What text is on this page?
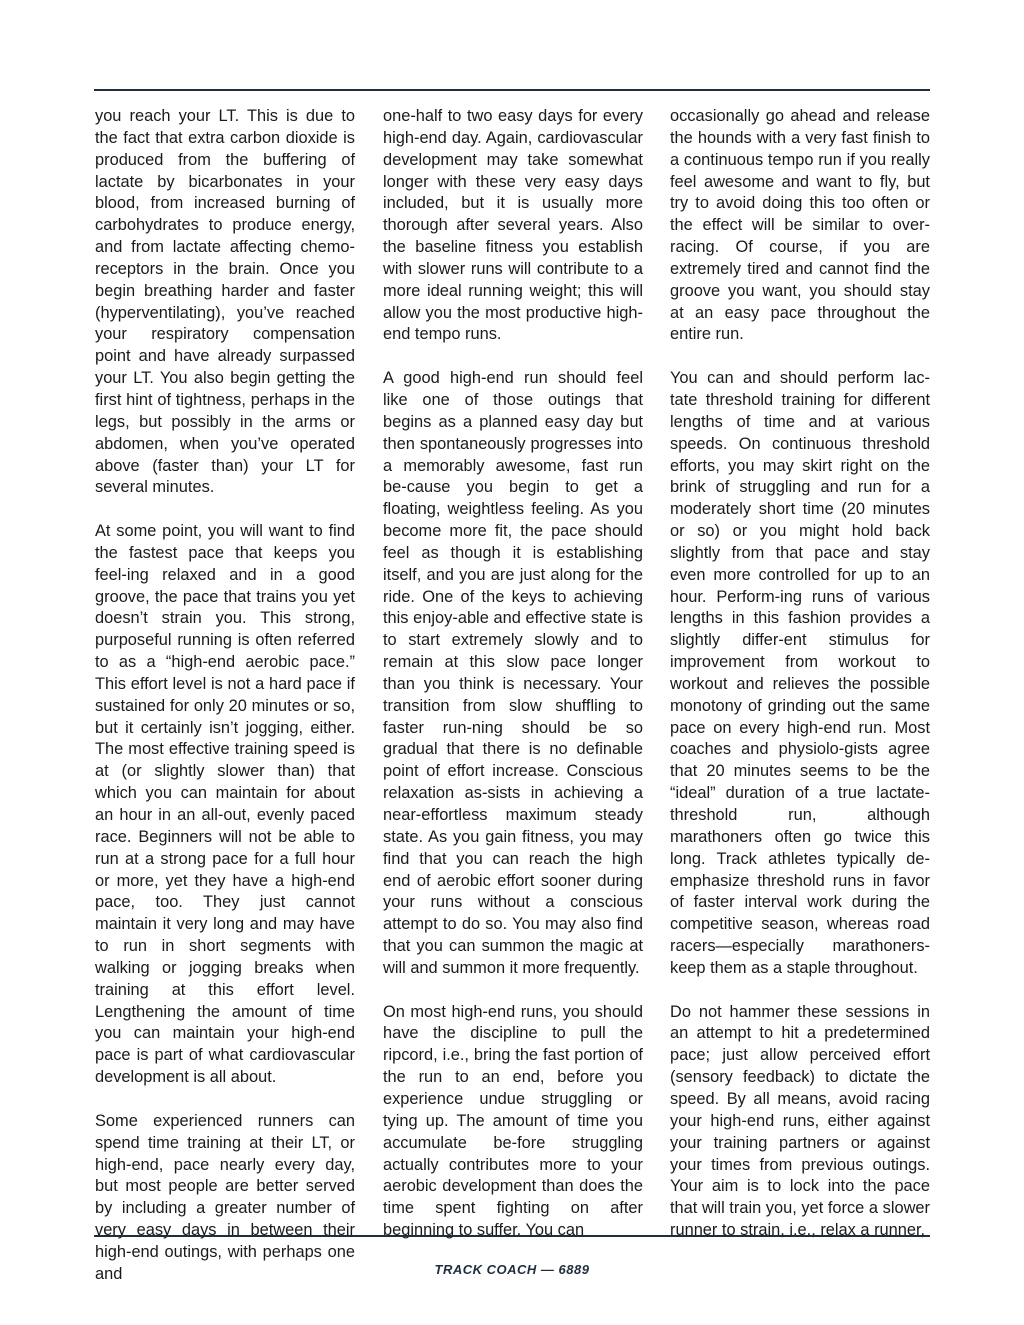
you reach your LT. This is due to the fact that extra carbon dioxide is produced from the buffering of lactate by bicarbonates in your blood, from increased burning of carbohydrates to produce energy, and from lactate affecting chemo-receptors in the brain. Once you begin breathing harder and faster (hyperventilating), you’ve reached your respiratory compensation point and have already surpassed your LT. You also begin getting the first hint of tightness, perhaps in the legs, but possibly in the arms or abdomen, when you’ve operated above (faster than) your LT for several minutes.

At some point, you will want to find the fastest pace that keeps you feel-ing relaxed and in a good groove, the pace that trains you yet doesn’t strain you. This strong, purposeful running is often referred to as a “high-end aerobic pace.” This effort level is not a hard pace if sustained for only 20 minutes or so, but it certainly isn’t jogging, either. The most effective training speed is at (or slightly slower than) that which you can maintain for about an hour in an all-out, evenly paced race. Beginners will not be able to run at a strong pace for a full hour or more, yet they have a high-end pace, too. They just cannot maintain it very long and may have to run in short segments with walking or jogging breaks when training at this effort level. Lengthening the amount of time you can maintain your high-end pace is part of what cardiovascular development is all about.

Some experienced runners can spend time training at their LT, or high-end, pace nearly every day, but most people are better served by including a greater number of very easy days in between their high-end outings, with perhaps one and

one-half to two easy days for every high-end day. Again, cardiovascular development may take somewhat longer with these very easy days included, but it is usually more thorough after several years. Also the baseline fitness you establish with slower runs will contribute to a more ideal running weight; this will allow you the most productive high-end tempo runs.

A good high-end run should feel like one of those outings that begins as a planned easy day but then spontaneously progresses into a memorably awesome, fast run be-cause you begin to get a floating, weightless feeling. As you become more fit, the pace should feel as though it is establishing itself, and you are just along for the ride. One of the keys to achieving this enjoy-able and effective state is to start extremely slowly and to remain at this slow pace longer than you think is necessary. Your transition from slow shuffling to faster run-ning should be so gradual that there is no definable point of effort increase. Conscious relaxation as-sists in achieving a near-effortless maximum steady state. As you gain fitness, you may find that you can reach the high end of aerobic effort sooner during your runs without a conscious attempt to do so. You may also find that you can summon the magic at will and summon it more frequently.

On most high-end runs, you should have the discipline to pull the ripcord, i.e., bring the fast portion of the run to an end, before you experience undue struggling or tying up. The amount of time you accumulate be-fore struggling actually contributes more to your aerobic development than does the time spent fighting on after beginning to suffer. You can

occasionally go ahead and release the hounds with a very fast finish to a continuous tempo run if you really feel awesome and want to fly, but try to avoid doing this too often or the effect will be similar to over-racing. Of course, if you are extremely tired and cannot find the groove you want, you should stay at an easy pace throughout the entire run.

You can and should perform lac-tate threshold training for different lengths of time and at various speeds. On continuous threshold efforts, you may skirt right on the brink of struggling and run for a moderately short time (20 minutes or so) or you might hold back slightly from that pace and stay even more controlled for up to an hour. Perform-ing runs of various lengths in this fashion provides a slightly differ-ent stimulus for improvement from workout to workout and relieves the possible monotony of grinding out the same pace on every high-end run. Most coaches and physiolo-gists agree that 20 minutes seems to be the “ideal” duration of a true lactate-threshold run, although marathoners often go twice this long. Track athletes typically de-emphasize threshold runs in favor of faster interval work during the competitive season, whereas road racers—especially marathoners-keep them as a staple throughout.

Do not hammer these sessions in an attempt to hit a predetermined pace; just allow perceived effort (sensory feedback) to dictate the speed. By all means, avoid racing your high-end runs, either against your training partners or against your times from previous outings. Your aim is to lock into the pace that will train you, yet force a slower runner to strain, i.e., relax a runner,

TRACK COACH — 6889
